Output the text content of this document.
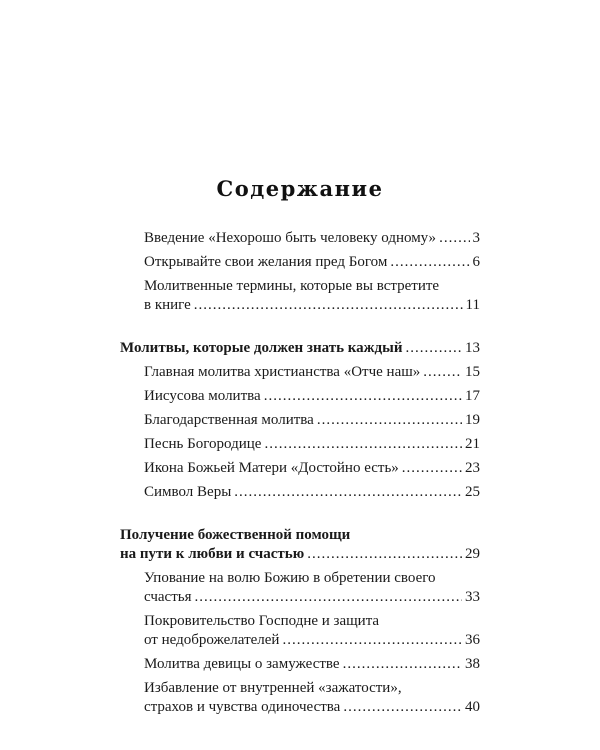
Содержание
Введение «Нехорошо быть человеку одному» ..... 3
Открывайте свои желания пред Богом .....	6
Молитвенные термины, которые вы встретите
в книге .....	11
Молитвы, которые должен знать каждый .....	13
Главная молитва христианства «Отче наш» .....	15
Иисусова молитва .....	17
Благодарственная молитва .....	19
Песнь Богородице .....	21
Икона Божьей Матери «Достойно есть» .....	23
Символ Веры .....	25
Получение божественной помощи
на пути к любви и счастью .....	29
Упование на волю Божию в обретении своего
счастья .....	33
Покровительство Господне и защита
от недоброжелателей .....	36
Молитва девицы о замужестве .....	38
Избавление от внутренней «зажатости»,
страхов и чувства одиночества .....	40
